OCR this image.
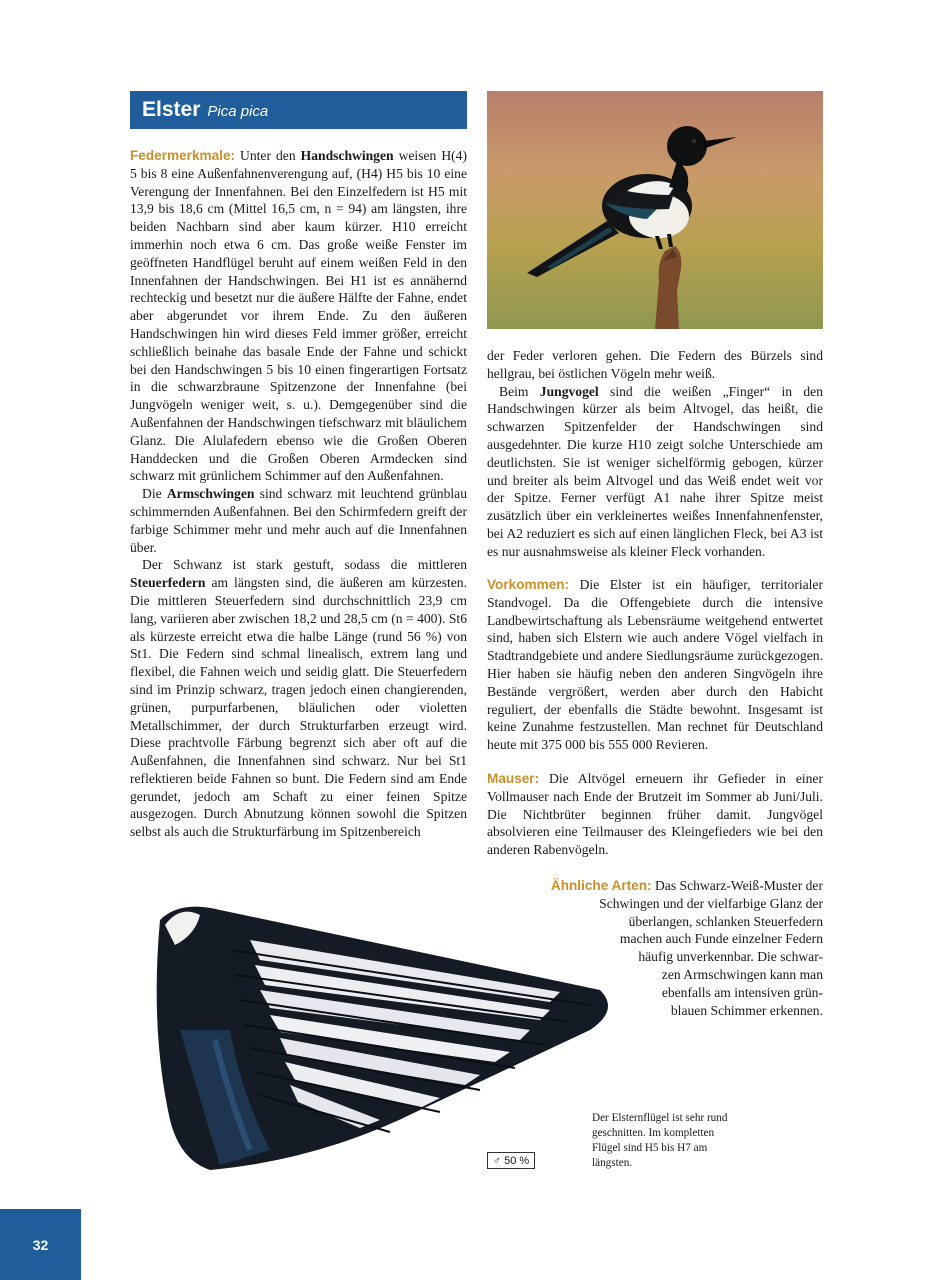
Elster Pica pica

Federmerkmale: Unter den Handschwingen weisen H(4) 5 bis 8 eine Außenfahnenverengung auf, (H4) H5 bis 10 eine Verengung der Innenfahnen. Bei den Einzelfedern ist H5 mit 13,9 bis 18,6 cm (Mittel 16,5 cm, n = 94) am längsten, ihre beiden Nachbarn sind aber kaum kürzer. H10 erreicht immerhin noch etwa 6 cm. Das große weiße Fenster im geöffneten Handflügel beruht auf einem weißen Feld in den Innenfahnen der Handschwingen. Bei H1 ist es annähernd rechteckig und besetzt nur die äußere Hälfte der Fahne, endet aber abgerundet vor ihrem Ende. Zu den äußeren Handschwingen hin wird dieses Feld immer größer, erreicht schließlich beinahe das basale Ende der Fahne und schickt bei den Handschwingen 5 bis 10 einen fingerartigen Fortsatz in die schwarzbraune Spitzenzone der Innenfahne (bei Jungvögeln weniger weit, s. u.). Demgegenüber sind die Außenfahnen der Handschwingen tiefschwarz mit bläulichem Glanz. Die Alulafedern ebenso wie die Großen Oberen Handdecken und die Großen Oberen Armdecken sind schwarz mit grünlichem Schimmer auf den Außenfahnen.

Die Armschwingen sind schwarz mit leuchtend grünblau schimmernden Außenfahnen. Bei den Schirmfedern greift der farbige Schimmer mehr und mehr auch auf die Innenfahnen über.

Der Schwanz ist stark gestuft, sodass die mittleren Steuerfedern am längsten sind, die äußeren am kürzesten. Die mittleren Steuerfedern sind durchschnittlich 23,9 cm lang, variieren aber zwischen 18,2 und 28,5 cm (n = 400). St6 als kürzeste erreicht etwa die halbe Länge (rund 56 %) von St1. Die Federn sind schmal linealisch, extrem lang und flexibel, die Fahnen weich und seidig glatt. Die Steuerfedern sind im Prinzip schwarz, tragen jedoch einen changierenden, grünen, purpurfarbenen, bläulichen oder violetten Metallschimmer, der durch Strukturfarben erzeugt wird. Diese prachtvolle Färbung begrenzt sich aber oft auf die Außenfahnen, die Innenfahnen sind schwarz. Nur bei St1 reflektieren beide Fahnen so bunt. Die Federn sind am Ende gerundet, jedoch am Schaft zu einer feinen Spitze ausgezogen. Durch Abnutzung können sowohl die Spitzen selbst als auch die Strukturfärbung im Spitzenbereich

der Feder verloren gehen. Die Federn des Bürzels sind hellgrau, bei östlichen Vögeln mehr weiß.

Beim Jungvogel sind die weißen „Finger“ in den Handschwingen kürzer als beim Altvogel, das heißt, die schwarzen Spitzenfelder der Handschwingen sind ausgedehnter. Die kurze H10 zeigt solche Unterschiede am deutlichsten. Sie ist weniger sichelförmig gebogen, kürzer und breiter als beim Altvogel und das Weiß endet weit vor der Spitze. Ferner verfügt A1 nahe ihrer Spitze meist zusätzlich über ein verkleinertes weißes Innenfahnenfenster, bei A2 reduziert es sich auf einen länglichen Fleck, bei A3 ist es nur ausnahmsweise als kleiner Fleck vorhanden.

Vorkommen: Die Elster ist ein häufiger, territorialer Standvogel. Da die Offengebiete durch die intensive Landbewirtschaftung als Lebensräume weitgehend entwertet sind, haben sich Elstern wie auch andere Vögel vielfach in Stadtrandgebiete und andere Siedlungsräume zurückgezogen. Hier haben sie häufig neben den anderen Singvögeln ihre Bestände vergrößert, werden aber durch den Habicht reguliert, der ebenfalls die Städte bewohnt. Insgesamt ist keine Zunahme festzustellen. Man rechnet für Deutschland heute mit 375 000 bis 555 000 Revieren.

Mauser: Die Altvögel erneuern ihr Gefieder in einer Vollmauser nach Ende der Brutzeit im Sommer ab Juni/Juli. Die Nichtbrüter beginnen früher damit. Jungvögel absolvieren eine Teilmauser des Kleingefieders wie bei den anderen Rabenvögeln.

Ähnliche Arten: Das Schwarz-Weiß-Muster der
Schwingen und der vielfarbige Glanz der
überlangen, schlanken Steuerfedern
machen auch Funde einzelner Federn
häufig unverkennbar. Die schwar-
zen Armschwingen kann man
ebenfalls am intensiven grün-
blauen Schimmer erkennen.
♂ 50 %
Der Elsternflügel ist sehr rund geschnitten. Im kompletten Flügel sind H5 bis H7 am längsten.
32
